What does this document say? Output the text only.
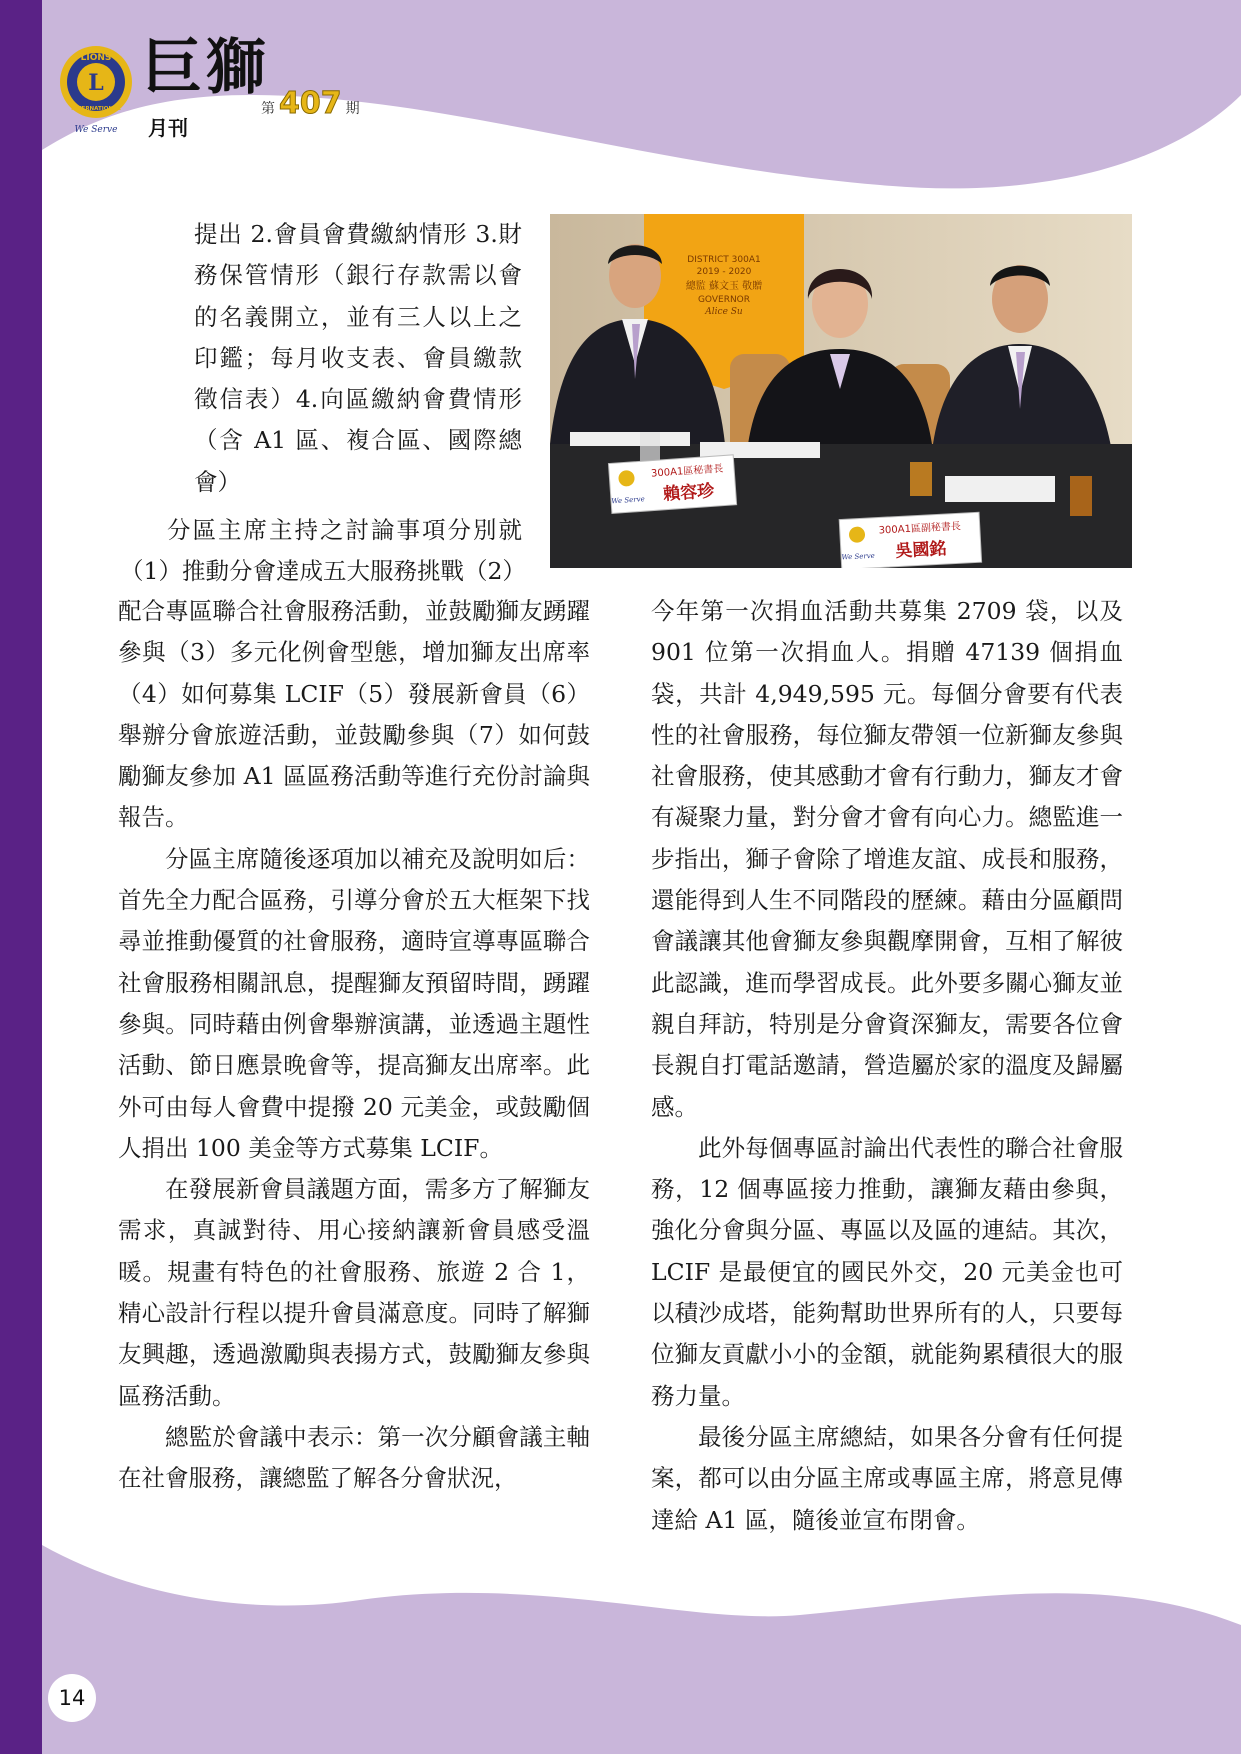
L
LIONS
INTERNATIONAL
We Serve
巨獅
月刊
第 407 期
DISTRICT 300A1
2019 - 2020
總監 蘇文玉 敬贈
GOVERNOR
Alice Su
We Serve
300A1區秘書長
賴容珍
We Serve
300A1區副秘書長
吳國銘

提出 2.會員會費繳納情形 3.財務保管情形（銀行存款需以會的名義開立，並有三人以上之印鑑；每月收支表、會員繳款徵信表）4.向區繳納會費情形（含 A1 區、複合區、國際總會）

分區主席主持之討論事項分別就（1）推動分會達成五大服務挑戰（2）

配合專區聯合社會服務活動，並鼓勵獅友踴躍參與（3）多元化例會型態，增加獅友出席率（4）如何募集 LCIF（5）發展新會員（6）舉辦分會旅遊活動，並鼓勵參與（7）如何鼓勵獅友參加 A1 區區務活動等進行充份討論與報告。

分區主席隨後逐項加以補充及說明如后：首先全力配合區務，引導分會於五大框架下找尋並推動優質的社會服務，適時宣導專區聯合社會服務相關訊息，提醒獅友預留時間，踴躍參與。同時藉由例會舉辦演講，並透過主題性活動、節日應景晚會等，提高獅友出席率。此外可由每人會費中提撥 20 元美金，或鼓勵個人捐出 100 美金等方式募集 LCIF。

在發展新會員議題方面，需多方了解獅友需求，真誠對待、用心接納讓新會員感受溫暖。規畫有特色的社會服務、旅遊 2 合 1，精心設計行程以提升會員滿意度。同時了解獅友興趣，透過激勵與表揚方式，鼓勵獅友參與區務活動。

總監於會議中表示：第一次分顧會議主軸在社會服務，讓總監了解各分會狀況，

今年第一次捐血活動共募集 2709 袋，以及 901 位第一次捐血人。捐贈 47139 個捐血袋，共計 4,949,595 元。每個分會要有代表性的社會服務，每位獅友帶領一位新獅友參與社會服務，使其感動才會有行動力，獅友才會有凝聚力量，對分會才會有向心力。總監進一步指出，獅子會除了增進友誼、成長和服務，還能得到人生不同階段的歷練。藉由分區顧問會議讓其他會獅友參與觀摩開會，互相了解彼此認識，進而學習成長。此外要多關心獅友並親自拜訪，特別是分會資深獅友，需要各位會長親自打電話邀請，營造屬於家的溫度及歸屬感。

此外每個專區討論出代表性的聯合社會服務，12 個專區接力推動，讓獅友藉由參與，強化分會與分區、專區以及區的連結。其次，LCIF 是最便宜的國民外交，20 元美金也可以積沙成塔，能夠幫助世界所有的人，只要每位獅友貢獻小小的金額，就能夠累積很大的服務力量。

最後分區主席總結，如果各分會有任何提案，都可以由分區主席或專區主席，將意見傳達給 A1 區，隨後並宣布閉會。

14
